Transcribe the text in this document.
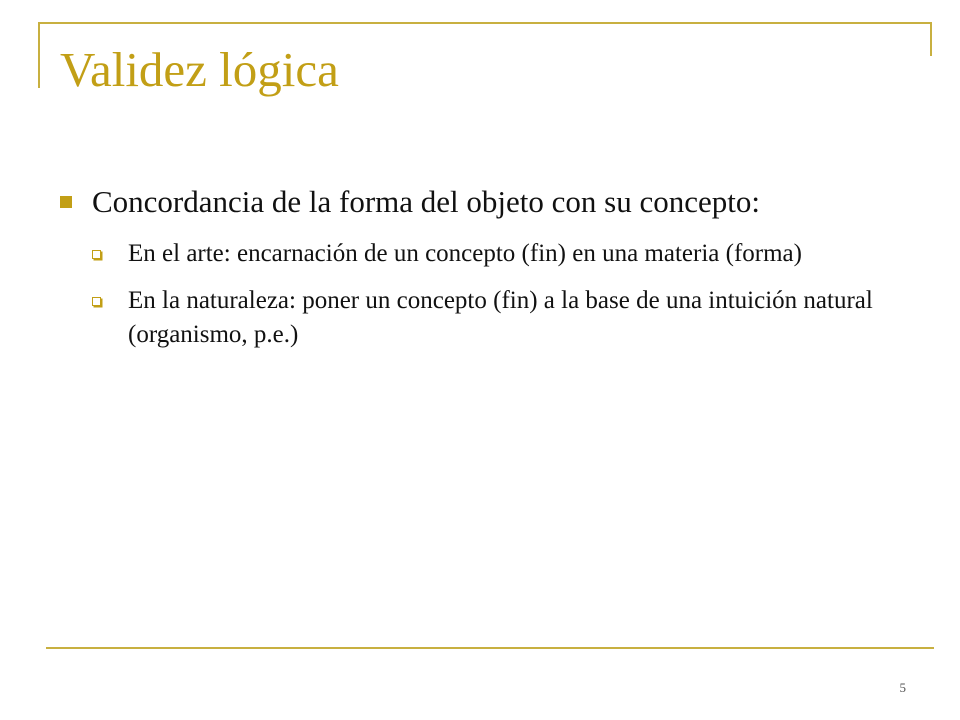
Validez lógica
Concordancia de la forma del objeto con su concepto:
En el arte: encarnación de un concepto (fin) en una materia (forma)
En la naturaleza: poner un concepto (fin) a la base de una intuición natural (organismo, p.e.)
5
